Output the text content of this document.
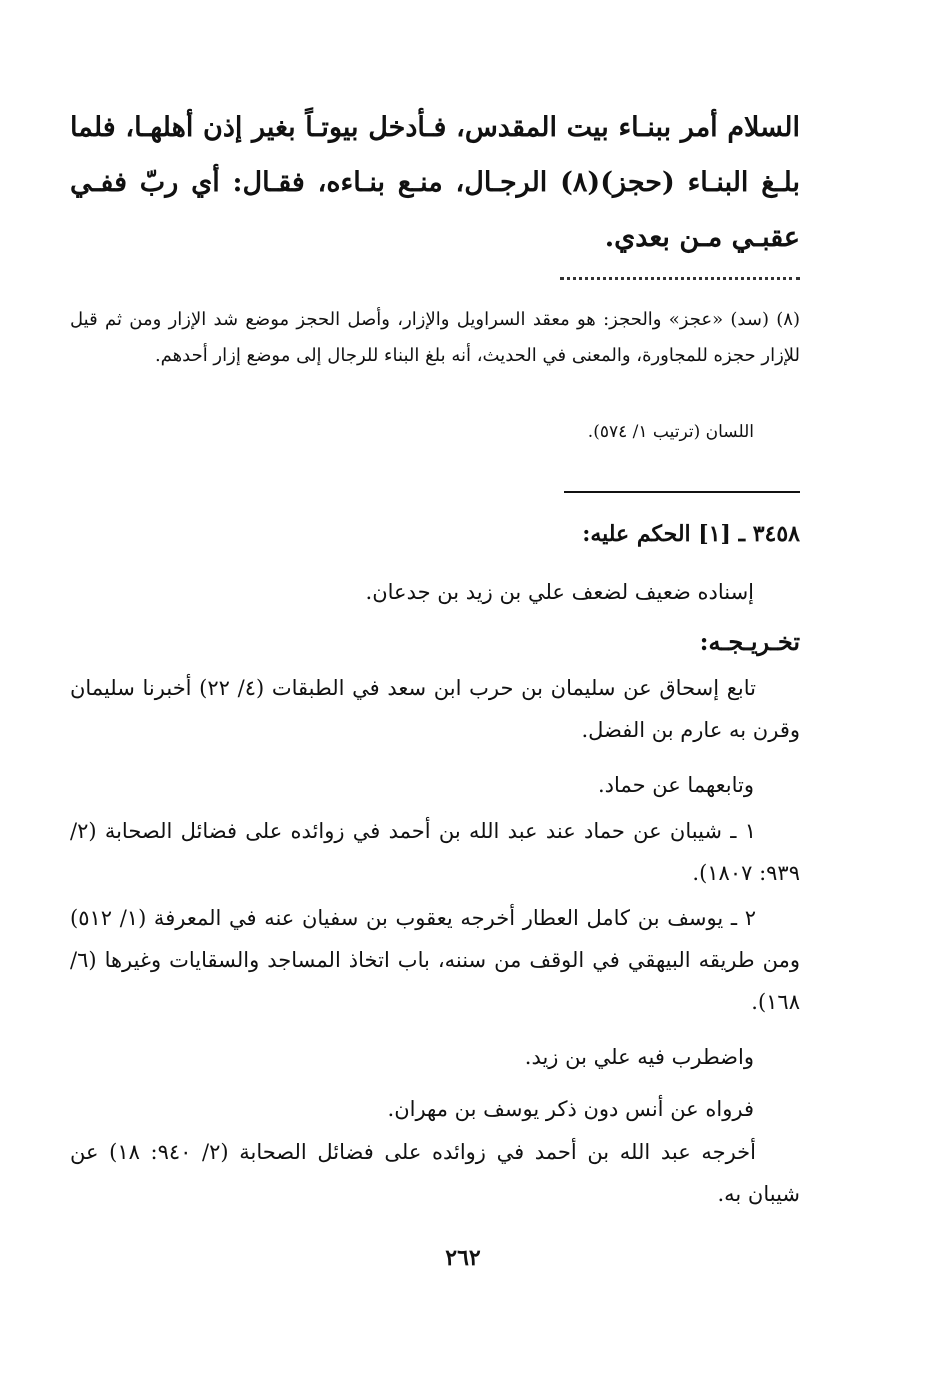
السلام أمر ببنـاء بيت المقدس، فـأدخل بيوتـاً بغير إذن أهلهـا، فلما بلـغ البنـاء (حجز)(٨) الرجـال، منـع بنـاءه، فقـال: أي ربّ ففـي عقبـي مـن بعدي.
(٨) (سد) «عجز» والحجز: هو معقد السراويل والإزار، وأصل الحجز موضع شد الإزار ومن ثم قيل للإزار حجزه للمجاورة، والمعنى في الحديث، أنه بلغ البناء للرجال إلى موضع إزار أحدهم.
اللسان (ترتيب ١/ ٥٧٤).
٣٤٥٨ ـ [١] الحكم عليه:
إسناده ضعيف لضعف علي بن زيد بن جدعان.
تخـريـجـه:
تابع إسحاق عن سليمان بن حرب ابن سعد في الطبقات (٤/ ٢٢) أخبرنا سليمان وقرن به عارم بن الفضل.
وتابعهما عن حماد.
١ ـ شيبان عن حماد عند عبد الله بن أحمد في زوائده على فضائل الصحابة (٢/ ٩٣٩: ١٨٠٧).
٢ ـ يوسف بن كامل العطار أخرجه يعقوب بن سفيان عنه في المعرفة (١/ ٥١٢) ومن طريقه البيهقي في الوقف من سننه، باب اتخاذ المساجد والسقايات وغيرها (٦/ ١٦٨).
واضطرب فيه علي بن زيد.
فرواه عن أنس دون ذكر يوسف بن مهران.
أخرجه عبد الله بن أحمد في زوائده على فضائل الصحابة (٢/ ٩٤٠: ١٨) عن شيبان به.
٢٦٢
